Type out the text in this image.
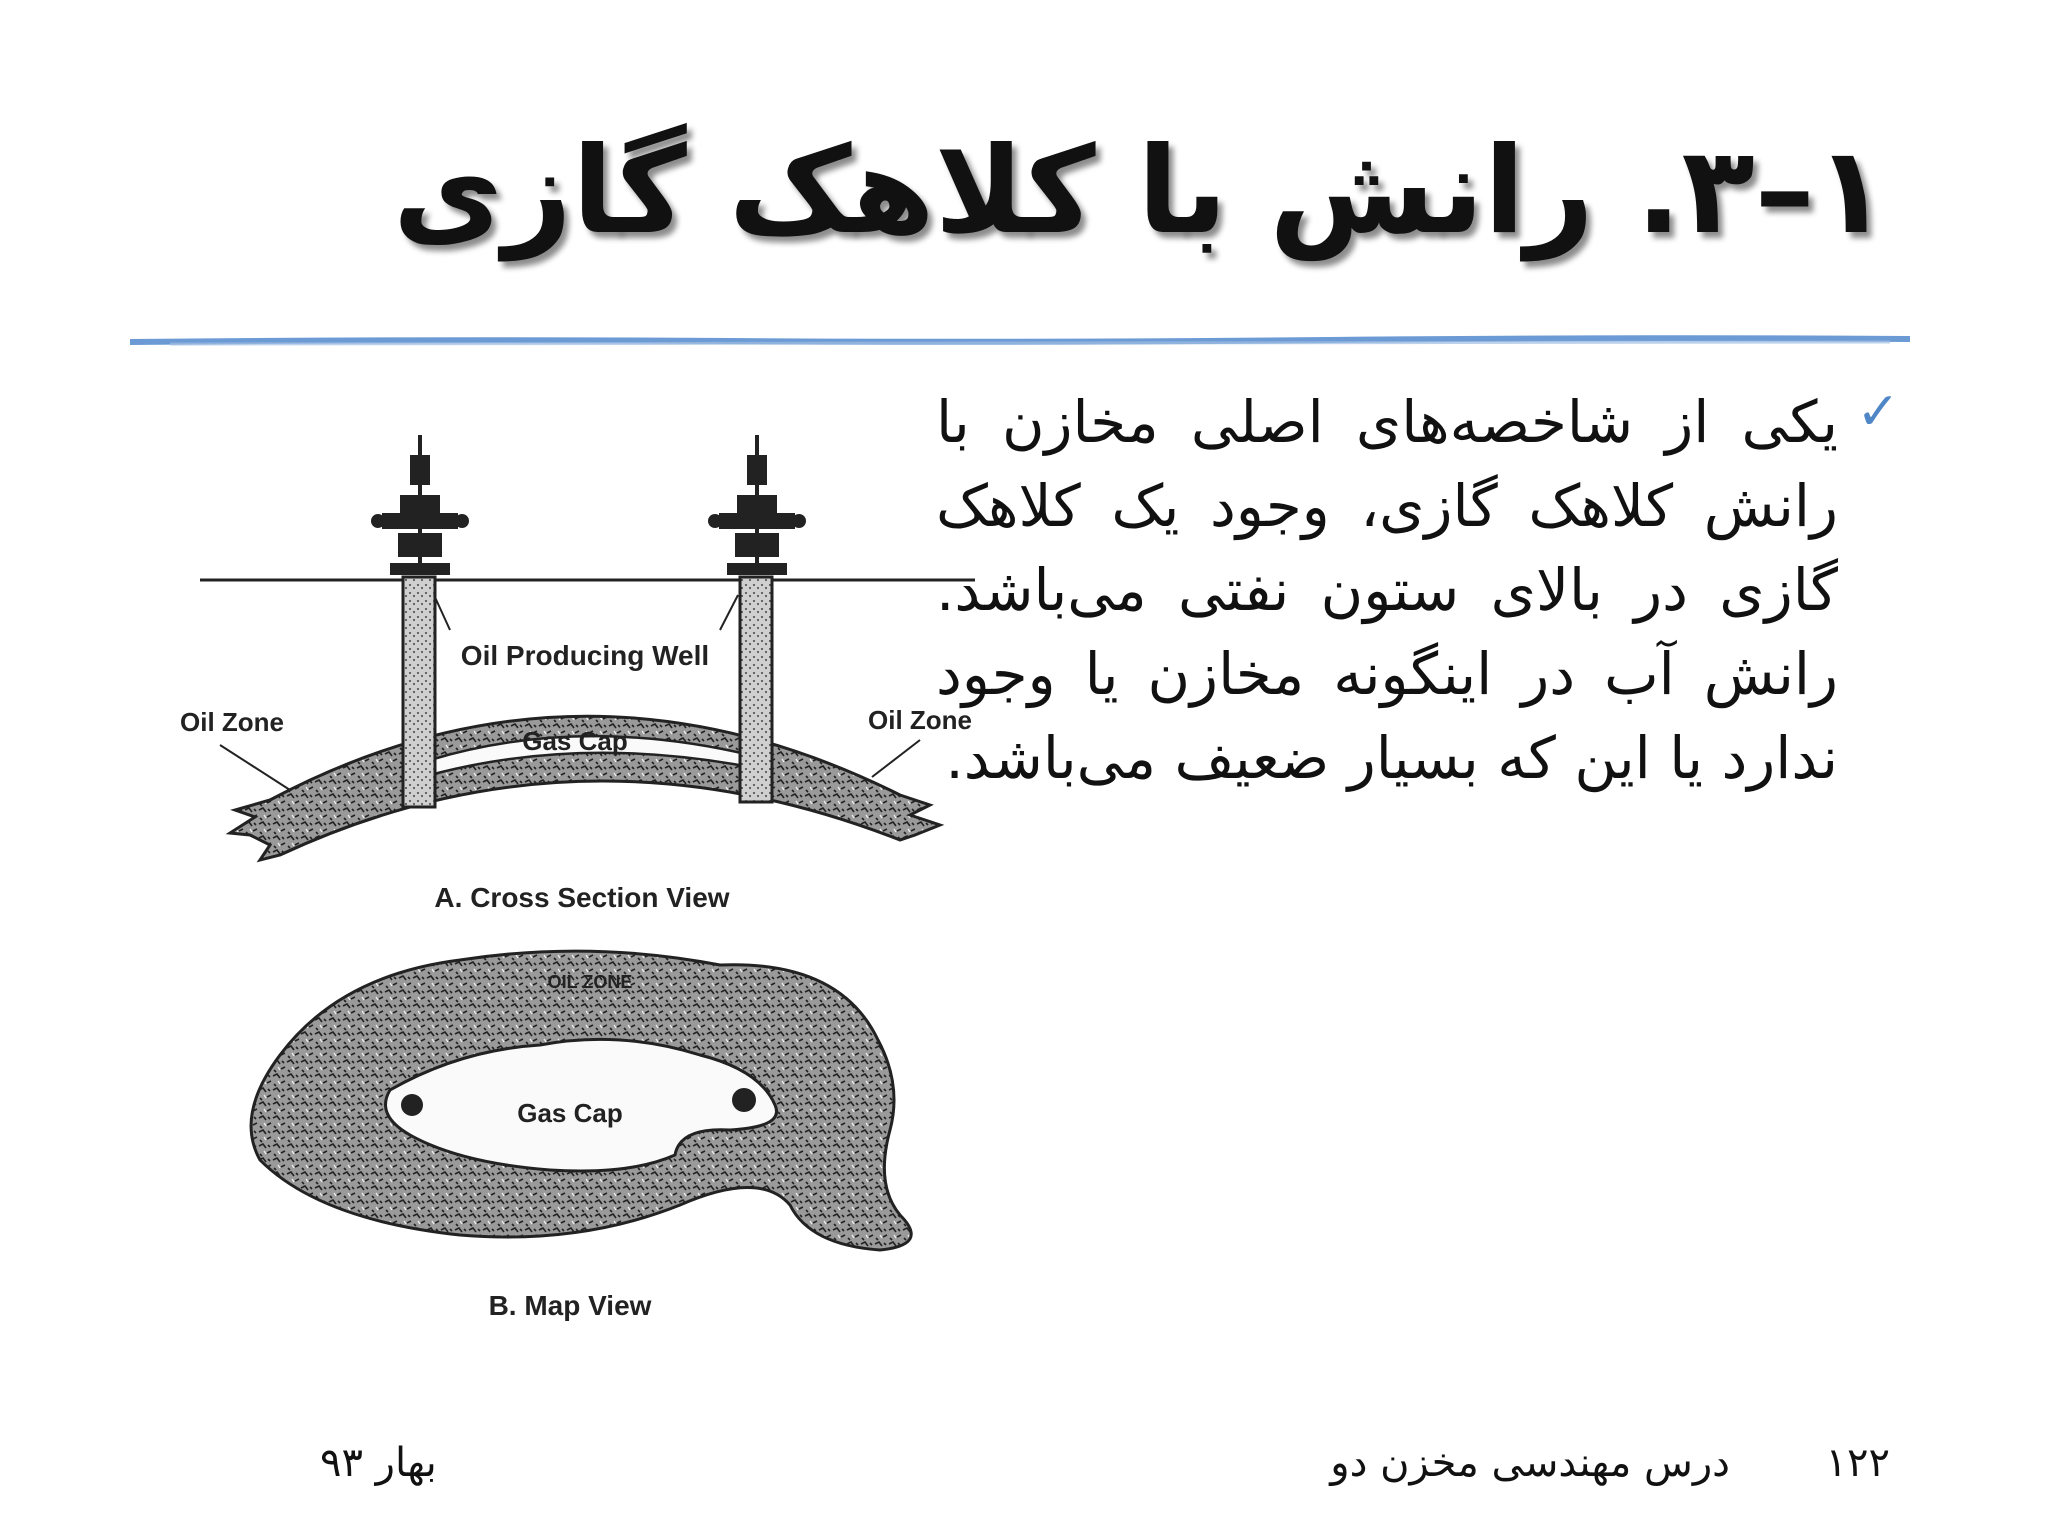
۱–۳. رانش با کلاهک گازی
✓
یکی از شاخصه‌های اصلی مخازن با رانش کلاهک گازی، وجود یک کلاهک گازی در بالای ستون نفتی می‌باشد. رانش آب در اینگونه مخازن یا وجود ندارد یا این که بسیار ضعیف می‌باشد.
Oil Producing Well
Oil Zone	Oil Zone
Gas Cap
A. Cross Section View
OIL ZONE
Gas Cap
B. Map View
۱۲۲
درس مهندسی مخزن دو
بهار ۹۳
